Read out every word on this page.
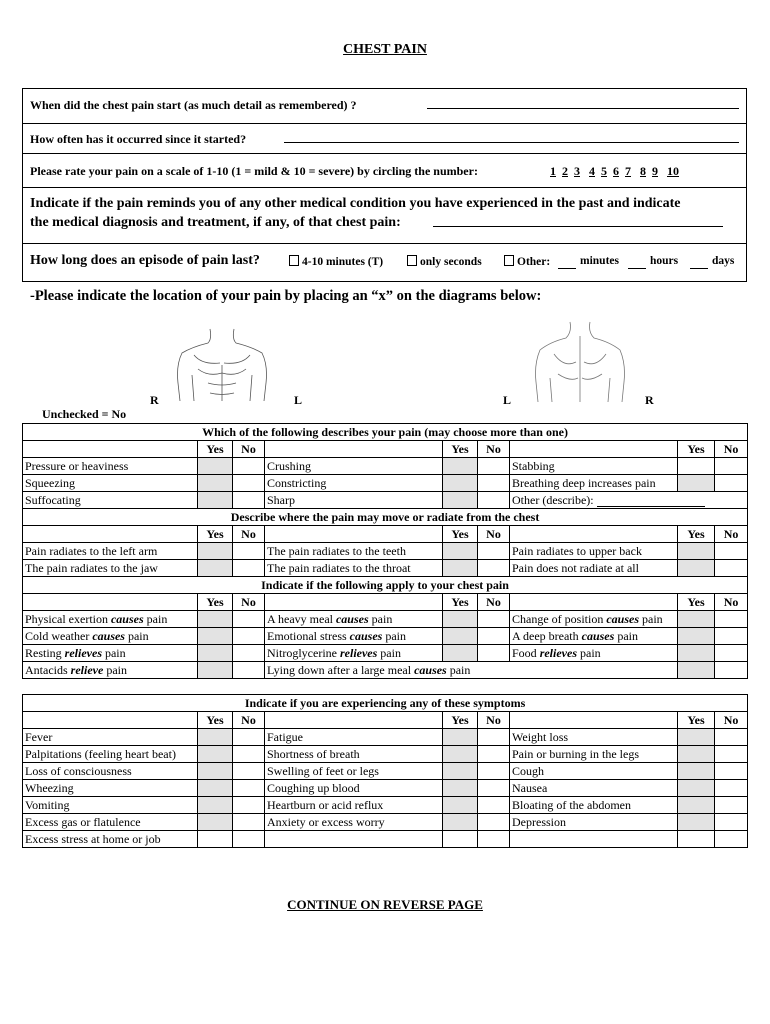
CHEST PAIN
When did the chest pain start (as much detail as remembered) ?
How often has it occurred since it started?
Please rate your pain on a scale of 1-10 (1 = mild & 10 = severe) by circling the number:	1 2 3 4 5 6 7 8 9 10
Indicate if the pain reminds you of any other medical condition you have experienced in the past and indicate
the medical diagnosis and treatment, if any, of that chest pain:
How long does an episode of pain last?	4-10 minutes (T)	only seconds	Other:	minutes	hours	days
-Please indicate the location of your pain by placing an “x” on the diagrams below:
R	L	L	R
Unchecked = No
Which of the following describes your pain (may choose more than one)									
	Yes	No		Yes	No		Yes	No	
Pressure or heaviness			Crushing			Stabbing			
Squeezing			Constricting			Breathing deep increases pain			
Suffocating			Sharp			Other (describe):			
Describe where the pain may move or radiate from the chest									
	Yes	No		Yes	No		Yes	No	
Pain radiates to the left arm			The pain radiates to the teeth			Pain radiates to upper back			
The pain radiates to the jaw			The pain radiates to the throat			Pain does not radiate at all			
Indicate if the following apply to your chest pain									
	Yes	No		Yes	No		Yes	No	
Physical exertion causes pain			A heavy meal causes pain			Change of position causes pain			
Cold weather causes pain			Emotional stress causes pain			A deep breath causes pain			
Resting relieves pain			Nitroglycerine relieves pain			Food relieves pain			
Antacids relieve pain			Lying down after a large meal causes pain						
Indicate if you are experiencing any of these symptoms								
	Yes	No		Yes	No		Yes	No
Fever			Fatigue			Weight loss		
Palpitations (feeling heart beat)			Shortness of breath			Pain or burning in the legs		
Loss of consciousness			Swelling of feet or legs			Cough		
Wheezing			Coughing up blood			Nausea		
Vomiting			Heartburn or acid reflux			Bloating of the abdomen		
Excess gas or flatulence			Anxiety or excess worry			Depression		
Excess stress at home or job								
CONTINUE ON REVERSE PAGE
